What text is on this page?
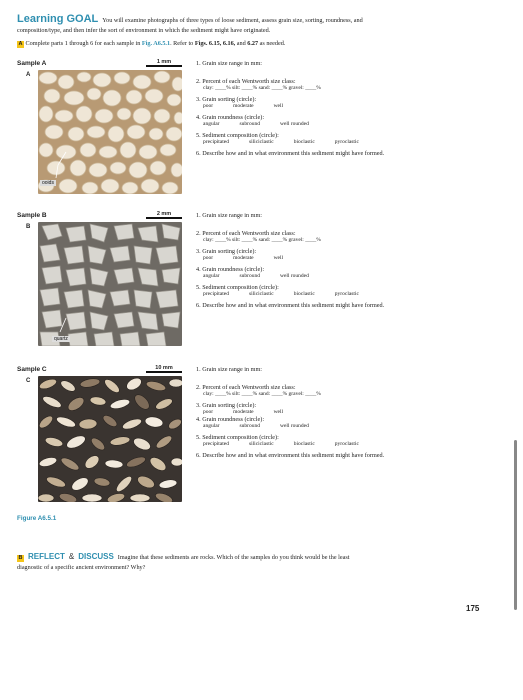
Learning GOAL You will examine photographs of three types of loose sediment, assess grain size, sorting, roundness, and
composition/type, and then infer the sort of environment in which the sediment might have originated.
A Complete parts 1 through 6 for each sample in Fig. A6.5.1. Refer to Figs. 6.15, 6.16, and 6.27 as needed.
Sample A	1 mm
A
ooids
1. Grain size range in mm:
2. Percent of each Wentworth size class:
clay: ____% silt: ____% sand: ____% gravel: ____%
3. Grain sorting (circle):
poor	moderate	well
4. Grain roundness (circle):
angular	subround	well rounded
5. Sediment composition (circle):
precipitated	siliciclastic	bioclastic	pyroclastic
6. Describe how and in what environment this sediment might have formed.
Sample B	2 mm
B
quartz
1. Grain size range in mm:
2. Percent of each Wentworth size class:
clay: ____% silt: ____% sand: ____% gravel: ____%
3. Grain sorting (circle):
poor	moderate	well
4. Grain roundness (circle):
angular	subround	well rounded
5. Sediment composition (circle):
precipitated	siliciclastic	bioclastic	pyroclastic
6. Describe how and in what environment this sediment might have formed.
Sample C	10 mm
C
1. Grain size range in mm:
2. Percent of each Wentworth size class:
clay: ____% silt: ____% sand: ____% gravel: ____%
3. Grain sorting (circle):
poor	moderate	well
4. Grain roundness (circle):
angular	subround	well rounded
5. Sediment composition (circle):
precipitated	siliciclastic	bioclastic	pyroclastic
6. Describe how and in what environment this sediment might have formed.
Figure A6.5.1
B REFLECT & DISCUSS Imagine that these sediments are rocks. Which of the samples do you think would be the least
diagnostic of a specific ancient environment? Why?
175
